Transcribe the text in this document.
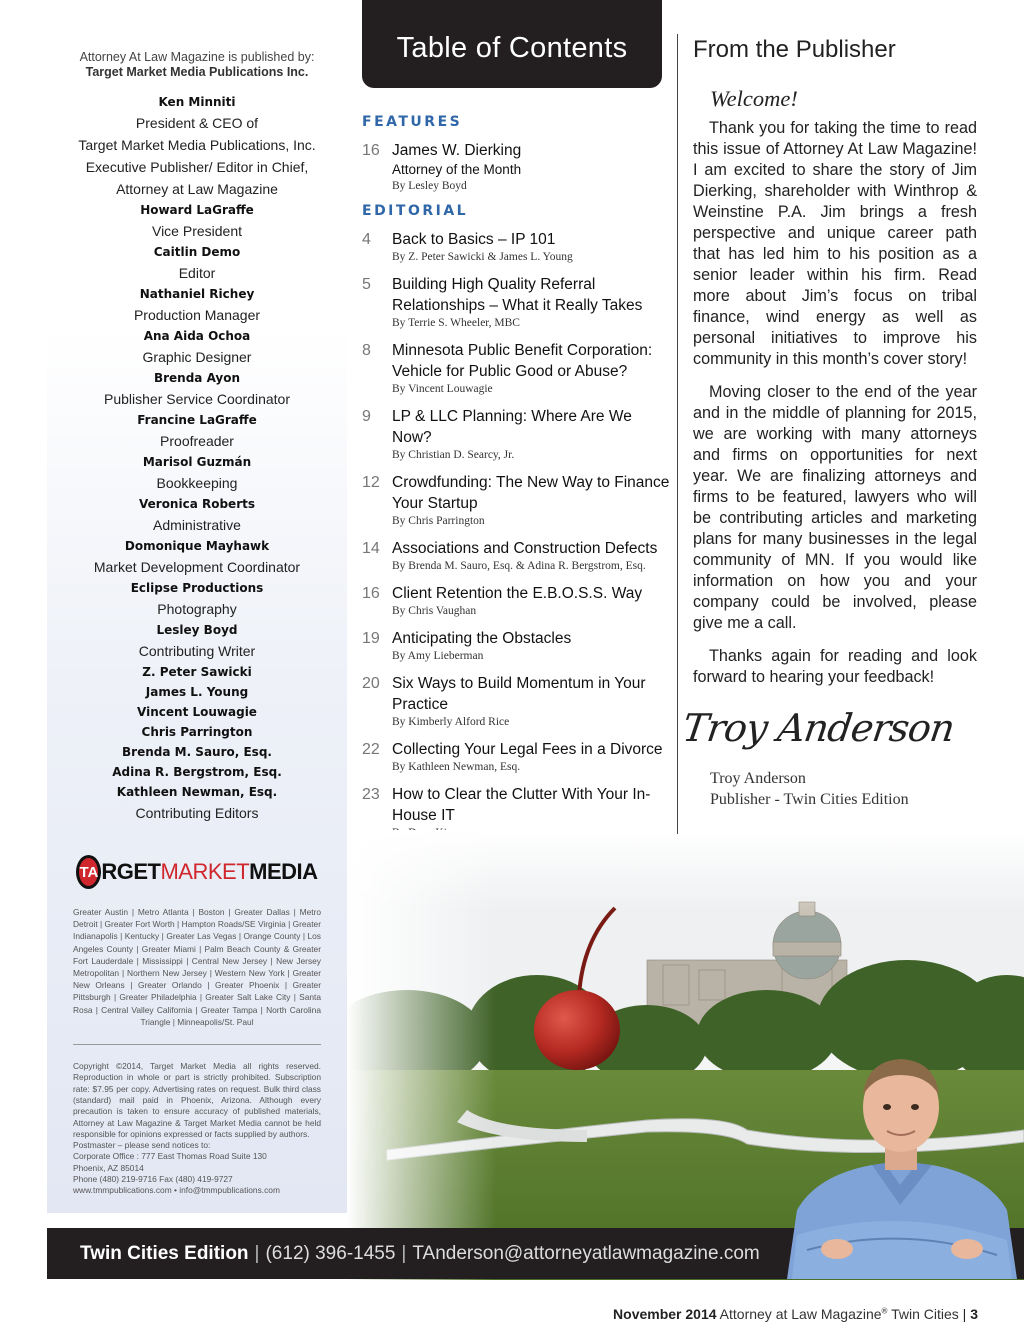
Attorney At Law Magazine is published by:
Target Market Media Publications Inc.
Ken Minniti
President & CEO of
Target Market Media Publications, Inc.
Executive Publisher/ Editor in Chief,
Attorney at Law Magazine
Howard LaGraffe
Vice President
Caitlin Demo
Editor
Nathaniel Richey
Production Manager
Ana Aida Ochoa
Graphic Designer
Brenda Ayon
Publisher Service Coordinator
Francine LaGraffe
Proofreader
Marisol Guzmán
Bookkeeping
Veronica Roberts
Administrative
Domonique Mayhawk
Market Development Coordinator
Eclipse Productions
Photography
Lesley Boyd
Contributing Writer
Z. Peter Sawicki
James L. Young
Vincent Louwagie
Chris Parrington
Brenda M. Sauro, Esq.
Adina R. Bergstrom, Esq.
Kathleen Newman, Esq.
Contributing Editors
TA RGET MARKET MEDIA
Greater Austin | Metro Atlanta | Boston | Greater Dallas | Metro Detroit | Greater Fort Worth | Hampton Roads/SE Virginia | Greater Indianapolis | Kentucky | Greater Las Vegas | Orange County | Los Angeles County | Greater Miami | Palm Beach County & Greater Fort Lauderdale | Mississippi | Central New Jersey | New Jersey Metropolitan | Northern New Jersey | Western New York | Greater New Orleans | Greater Orlando | Greater Phoenix | Greater Pittsburgh | Greater Philadelphia | Greater Salt Lake City | Santa Rosa | Central Valley California | Greater Tampa | North Carolina Triangle | Minneapolis/St. Paul
Copyright ©2014, Target Market Media all rights reserved. Reproduction in whole or part is strictly prohibited. Subscription rate: $7.95 per copy. Advertising rates on request. Bulk third class (standard) mail paid in Phoenix, Arizona. Although every precaution is taken to ensure accuracy of published materials, Attorney at Law Magazine & Target Market Media cannot be held responsible for opinions expressed or facts supplied by authors.
Postmaster – please send notices to:
Corporate Office : 777 East Thomas Road Suite 130
Phoenix, AZ 85014
Phone (480) 219-9716 Fax (480) 419-9727
www.tmmpublications.com • info@tmmpublications.com
Table of Contents
FEATURES
16 James W. Dierking
Attorney of the Month
By Lesley Boyd
EDITORIAL
4	Back to Basics – IP 101
By Z. Peter Sawicki & James L. Young
5	Building High Quality Referral Relationships – What it Really Takes
By Terrie S. Wheeler, MBC
8	Minnesota Public Benefit Corporation: Vehicle for Public Good or Abuse?
By Vincent Louwagie
9	LP & LLC Planning: Where Are We Now?
By Christian D. Searcy, Jr.
12 Crowdfunding: The New Way to Finance Your Startup
By Chris Parrington
14 Associations and Construction Defects
By Brenda M. Sauro, Esq. & Adina R. Bergstrom, Esq.
16 Client Retention the E.B.O.S.S. Way
By Chris Vaughan
19 Anticipating the Obstacles
By Amy Lieberman
20 Six Ways to Build Momentum in Your Practice
By Kimberly Alford Rice
22 Collecting Your Legal Fees in a Divorce
By Kathleen Newman, Esq.
23 How to Clear the Clutter With Your In-House IT
From the Publisher
Welcome!

Thank you for taking the time to read this issue of Attorney At Law Magazine! I am excited to share the story of Jim Dierking, shareholder with Winthrop & Weinstine P.A. Jim brings a fresh perspective and unique career path that has led him to his position as a senior leader within his firm. Read more about Jim’s focus on tribal finance, wind energy as well as personal initiatives to improve his community in this month’s cover story!

Moving closer to the end of the year and in the middle of planning for 2015, we are working with many attorneys and firms on opportunities for next year. We are finalizing attorneys and firms to be featured, lawyers who will be contributing articles and marketing plans for many businesses in the legal community of MN. If you would like information on how you and your company could be involved, please give me a call.

Thanks again for reading and look forward to hearing your feedback!

Troy Anderson
Troy Anderson
Publisher - Twin Cities Edition
Twin Cities Edition | (612) 396-1455 | TAnderson@attorneyatlawmagazine.com
November 2014 Attorney at Law Magazine® Twin Cities | 3
